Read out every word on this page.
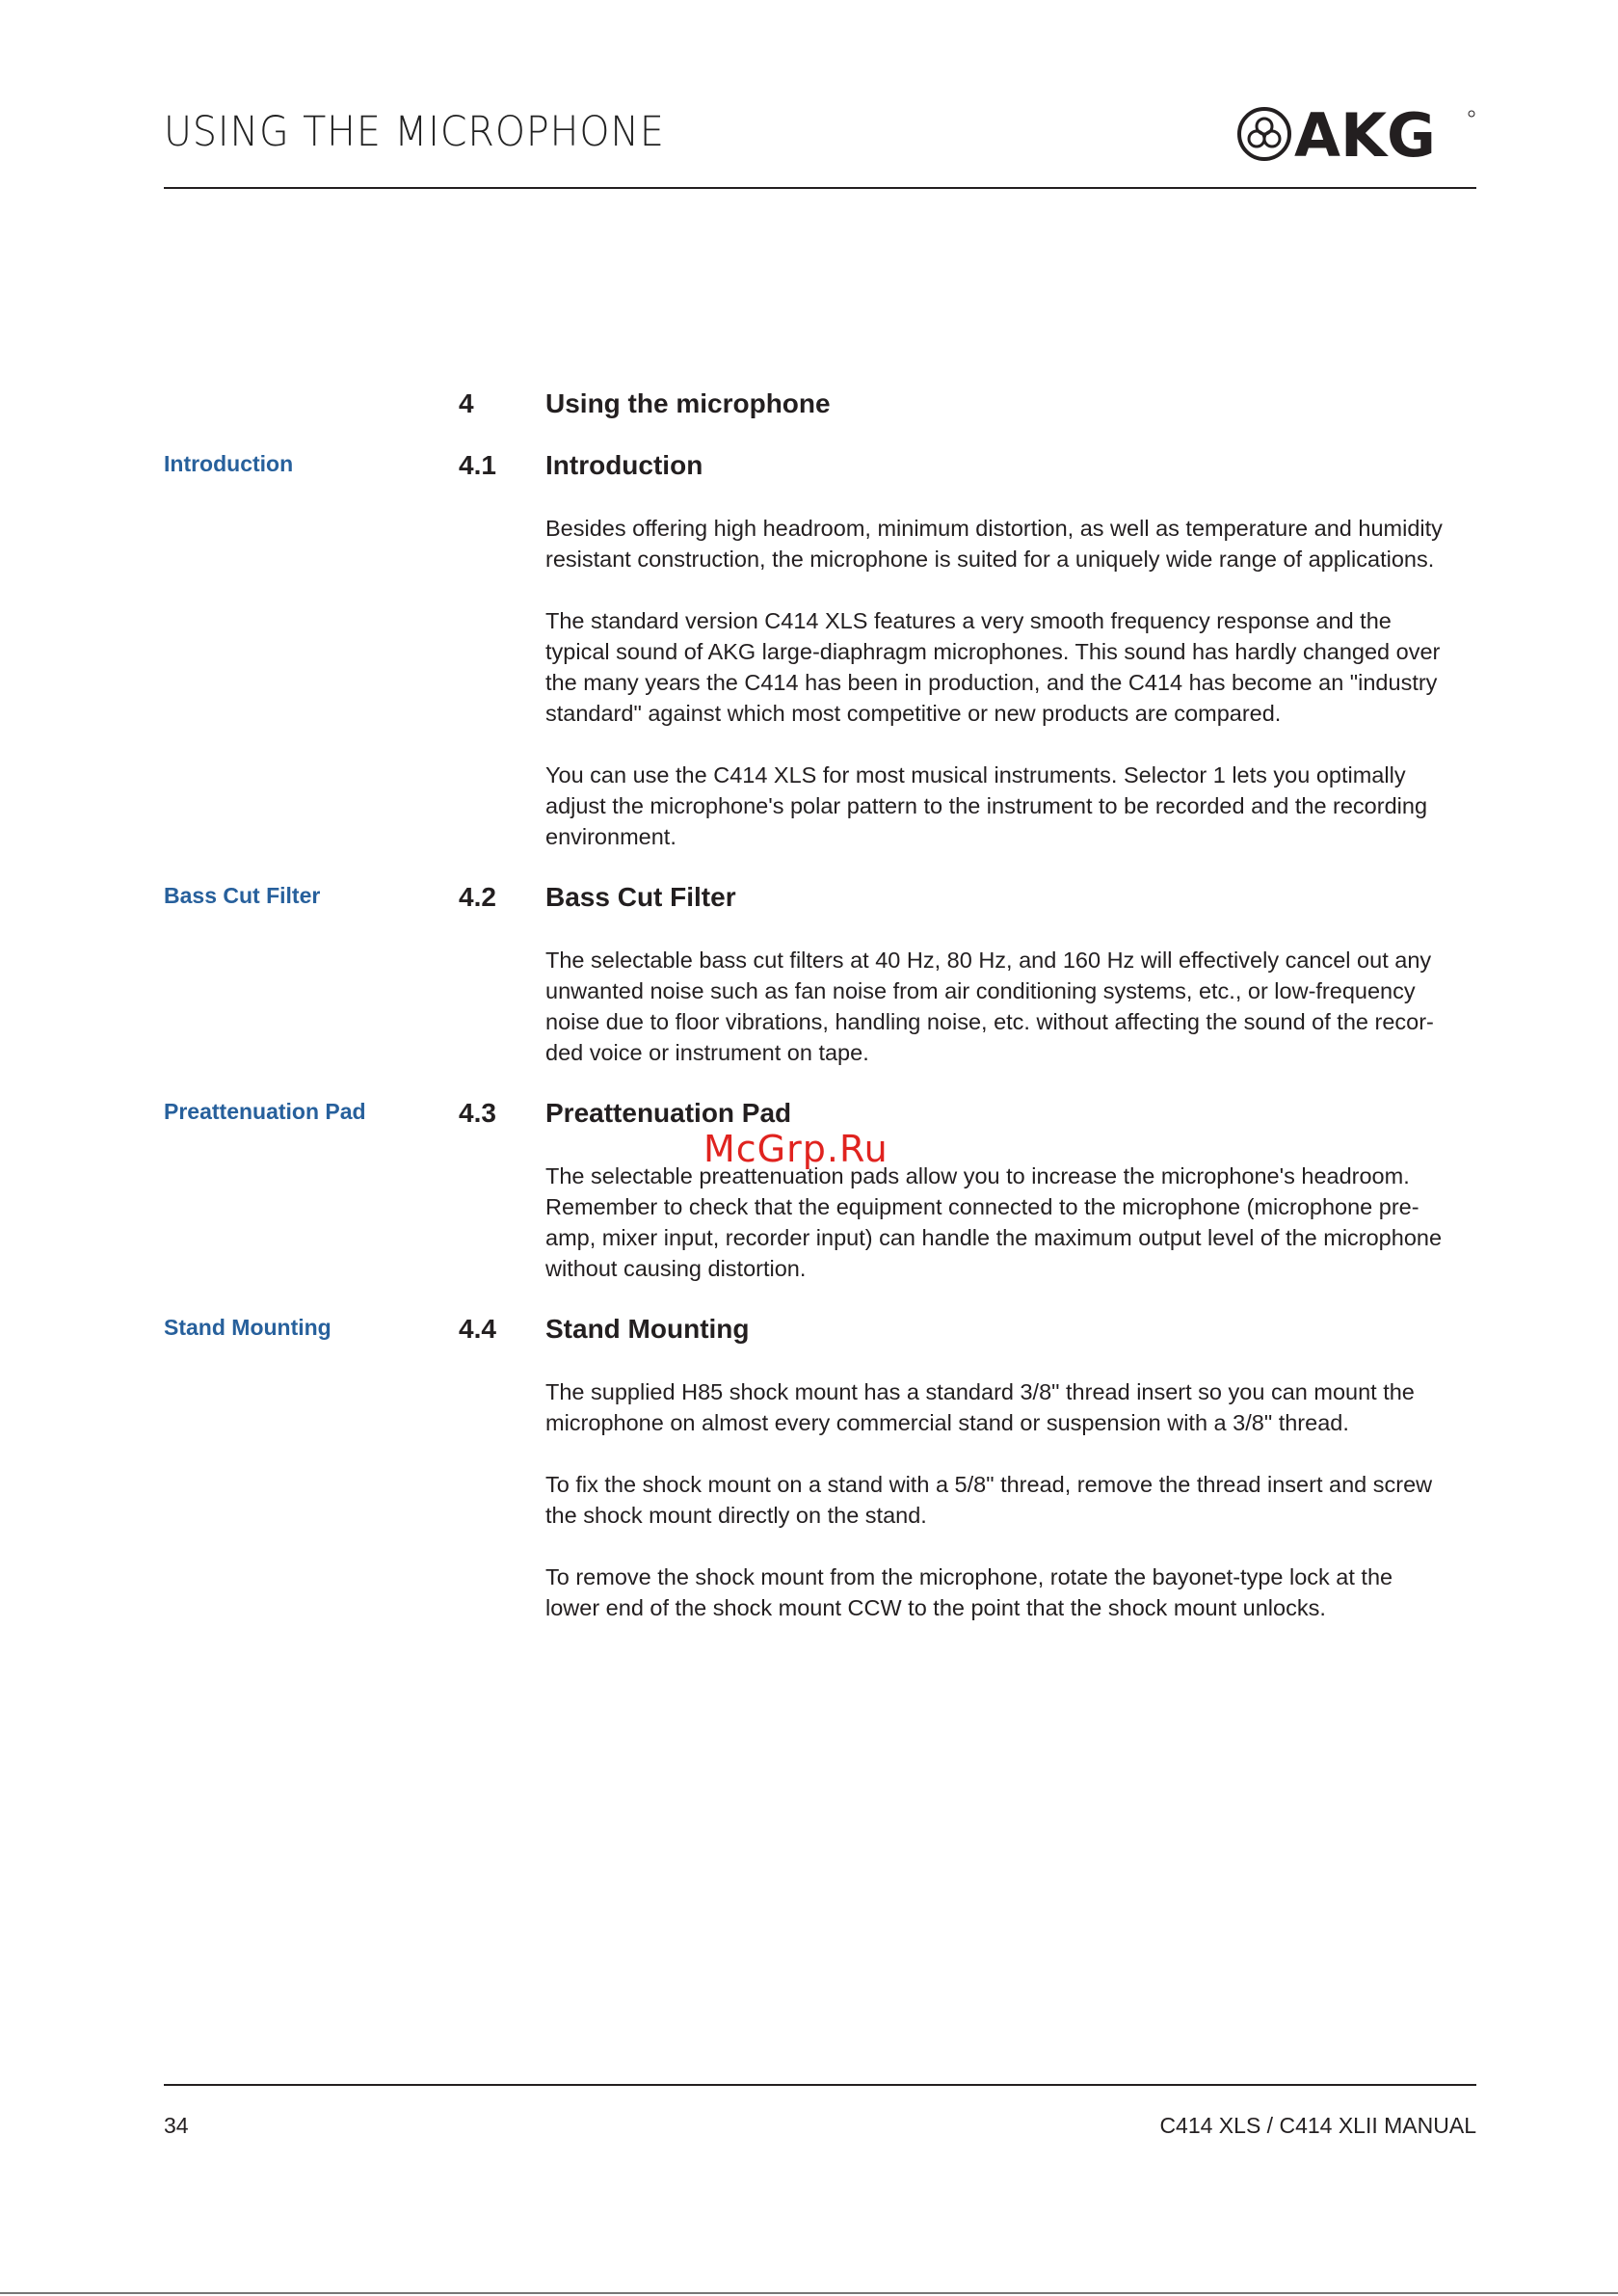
USING THE MICROPHONE	AKG
4	Using the microphone
Introduction	4.1 Introduction
Besides offering high headroom, minimum distortion, as well as temperature and humidity
resistant construction, the microphone is suited for a uniquely wide range of applications.
The standard version C414 XLS features a very smooth frequency response and the
typical sound of AKG large-diaphragm microphones. This sound has hardly changed over
the many years the C414 has been in production, and the C414 has become an "industry
standard" against which most competitive or new products are compared.
You can use the C414 XLS for most musical instruments. Selector 1 lets you optimally
adjust the microphone's polar pattern to the instrument to be recorded and the recording
environment.
Bass Cut Filter	4.2 Bass Cut Filter
The selectable bass cut filters at 40 Hz, 80 Hz, and 160 Hz will effectively cancel out any
unwanted noise such as fan noise from air conditioning systems, etc., or low-frequency
noise due to floor vibrations, handling noise, etc. without affecting the sound of the recor-
ded voice or instrument on tape.
Preattenuation Pad	4.3 Preattenuation Pad
The selectable preattenuation pads allow you to increase the microphone's headroom.
Remember to check that the equipment connected to the microphone (microphone pre-
amp, mixer input, recorder input) can handle the maximum output level of the microphone
without causing distortion.
Stand Mounting	4.4 Stand Mounting
The supplied H85 shock mount has a standard 3/8" thread insert so you can mount the
microphone on almost every commercial stand or suspension with a 3/8" thread.
To fix the shock mount on a stand with a 5/8" thread, remove the thread insert and screw
the shock mount directly on the stand.
To remove the shock mount from the microphone, rotate the bayonet-type lock at the
lower end of the shock mount CCW to the point that the shock mount unlocks.
McGrp.Ru
34	C414 XLS / C414 XLII MANUAL
